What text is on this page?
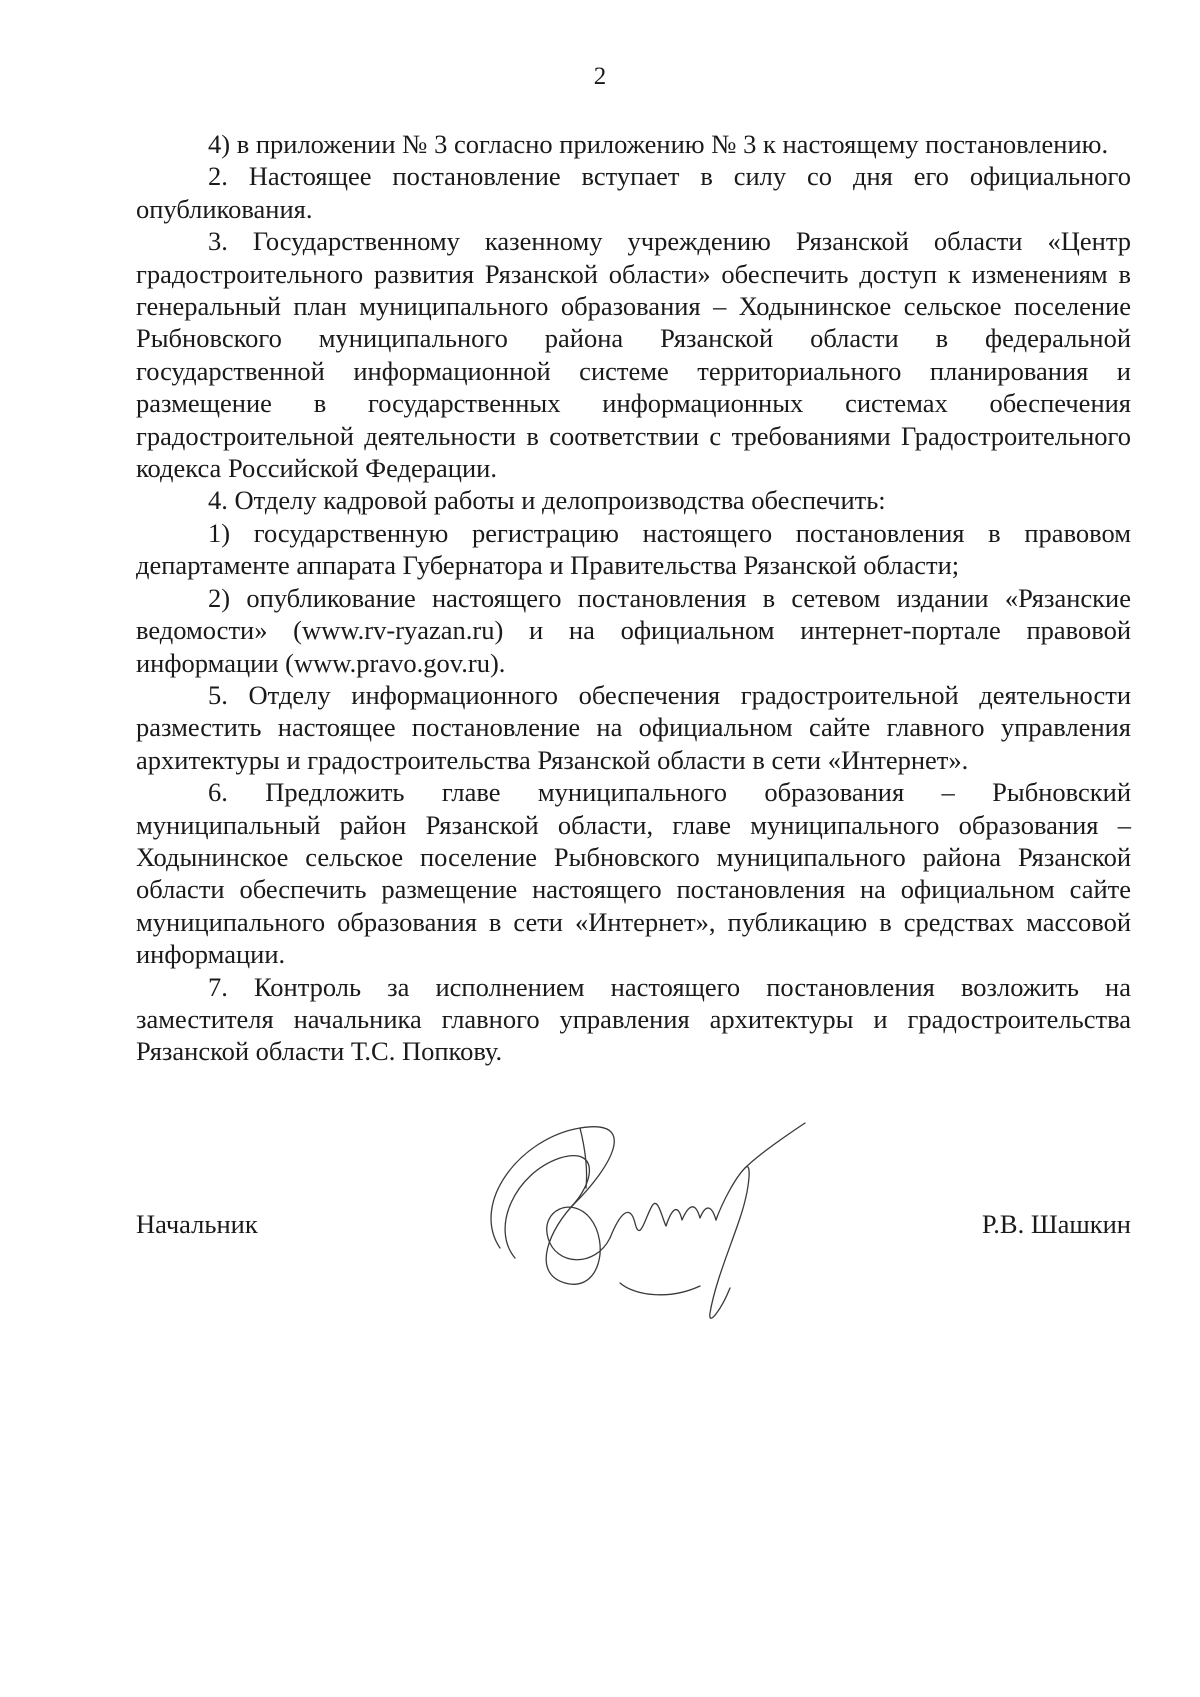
2

4) в приложении № 3 согласно приложению № 3 к настоящему постановлению.

2. Настоящее постановление вступает в силу со дня его официального опубликования.

3. Государственному казенному учреждению Рязанской области «Центр градостроительного развития Рязанской области» обеспечить доступ к изменениям в генеральный план муниципального образования – Ходынинское сельское поселение Рыбновского муниципального района Рязанской области в федеральной государственной информационной системе территориального планирования и размещение в государственных информационных системах обеспечения градостроительной деятельности в соответствии с требованиями Градостроительного кодекса Российской Федерации.

4. Отделу кадровой работы и делопроизводства обеспечить:

1) государственную регистрацию настоящего постановления в правовом департаменте аппарата Губернатора и Правительства Рязанской области;

2) опубликование настоящего постановления в сетевом издании «Рязанские ведомости» (www.rv-ryazan.ru) и на официальном интернет-портале правовой информации (www.pravo.gov.ru).

5. Отделу информационного обеспечения градостроительной деятельности разместить настоящее постановление на официальном сайте главного управления архитектуры и градостроительства Рязанской области в сети «Интернет».

6. Предложить главе муниципального образования – Рыбновский муниципальный район Рязанской области, главе муниципального образования – Ходынинское сельское поселение Рыбновского муниципального района Рязанской области обеспечить размещение настоящего постановления на официальном сайте муниципального образования в сети «Интернет», публикацию в средствах массовой информации.

7. Контроль за исполнением настоящего постановления возложить на заместителя начальника главного управления архитектуры и градостроительства Рязанской области Т.С. Попкову.

Начальник	Р.В. Шашкин
